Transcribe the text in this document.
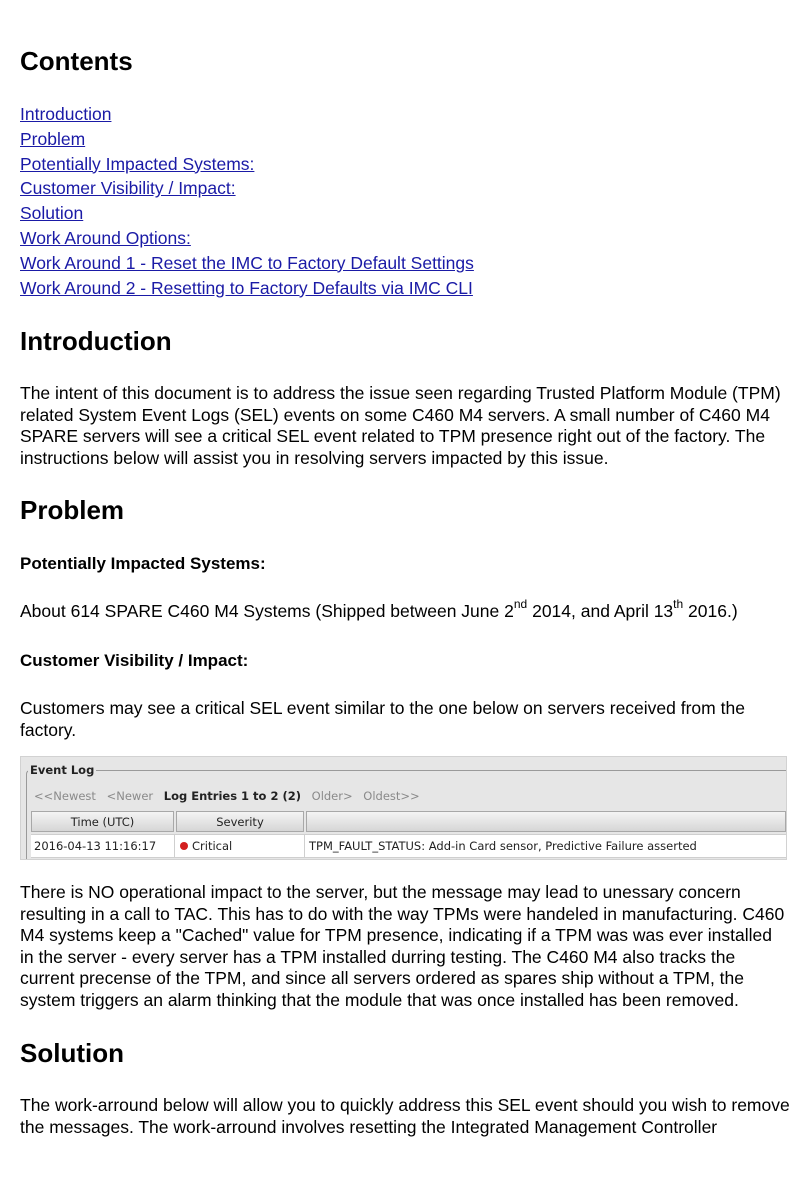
Contents
Introduction
Problem
Potentially Impacted Systems:
Customer Visibility / Impact:
Solution
Work Around Options:
Work Around 1 - Reset the IMC to Factory Default Settings
Work Around 2 - Resetting to Factory Defaults via IMC CLI
Introduction

The intent of this document is to address the issue seen regarding Trusted Platform Module (TPM) related System Event Logs (SEL) events on some C460 M4 servers. A small number of C460 M4 SPARE servers will see a critical SEL event related to TPM presence right out of the factory. The instructions below will assist you in resolving servers impacted by this issue.

Problem
Potentially Impacted Systems:

About 614 SPARE C460 M4 Systems (Shipped between June 2nd 2014, and April 13th 2016.)

Customer Visibility / Impact:

Customers may see a critical SEL event similar to the one below on servers received from the factory.

Event Log
<<Newest <Newer Log Entries 1 to 2 (2) Older> Oldest>>
Time (UTC)	Severity
2016-04-13 11:16:17	Critical	TPM_FAULT_STATUS: Add-in Card sensor, Predictive Failure asserted

There is NO operational impact to the server, but the message may lead to unessary concern resulting in a call to TAC. This has to do with the way TPMs were handeled in manufacturing. C460 M4 systems keep a "Cached" value for TPM presence, indicating if a TPM was was ever installed in the server - every server has a TPM installed durring testing. The C460 M4 also tracks the current precense of the TPM, and since all servers ordered as spares ship without a TPM, the system triggers an alarm thinking that the module that was once installed has been removed.

Solution

The work-arround below will allow you to quickly address this SEL event should you wish to remove the messages. The work-arround involves resetting the Integrated Management Controller
